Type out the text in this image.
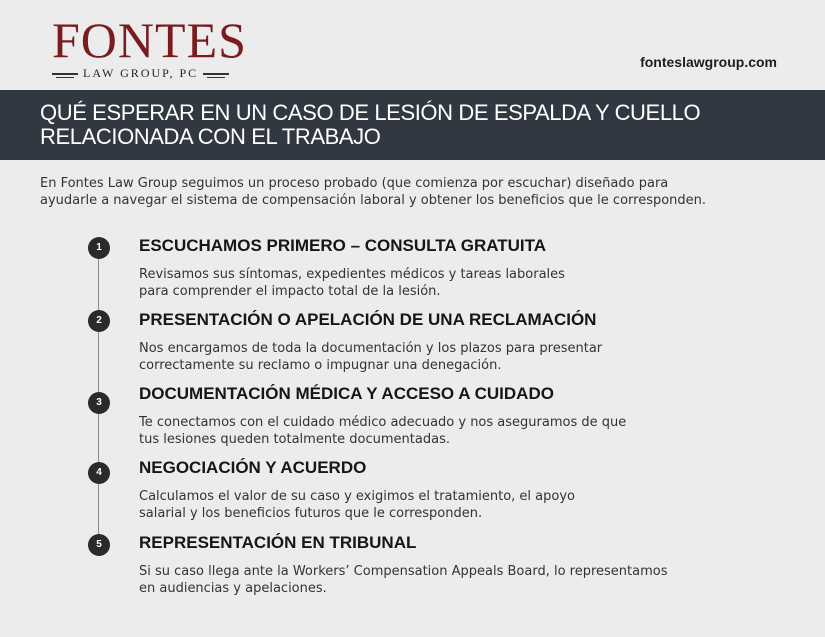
FONTES
LAW GROUP, PC
fonteslawgroup.com
QUÉ ESPERAR EN UN CASO DE LESIÓN DE ESPALDA Y CUELLO
RELACIONADA CON EL TRABAJO
En Fontes Law Group seguimos un proceso probado (que comienza por escuchar) diseñado para
ayudarle a navegar el sistema de compensación laboral y obtener los beneficios que le corresponden.
1	ESCUCHAMOS PRIMERO – CONSULTA GRATUITA
Revisamos sus síntomas, expedientes médicos y tareas laborales
para comprender el impacto total de la lesión.
2	PRESENTACIÓN O APELACIÓN DE UNA RECLAMACIÓN
Nos encargamos de toda la documentación y los plazos para presentar
correctamente su reclamo o impugnar una denegación.
3	DOCUMENTACIÓN MÉDICA Y ACCESO A CUIDADO
Te conectamos con el cuidado médico adecuado y nos aseguramos de que
tus lesiones queden totalmente documentadas.
4	NEGOCIACIÓN Y ACUERDO
Calculamos el valor de su caso y exigimos el tratamiento, el apoyo
salarial y los beneficios futuros que le corresponden.
5	REPRESENTACIÓN EN TRIBUNAL
Si su caso llega ante la Workers’ Compensation Appeals Board, lo representamos
en audiencias y apelaciones.
